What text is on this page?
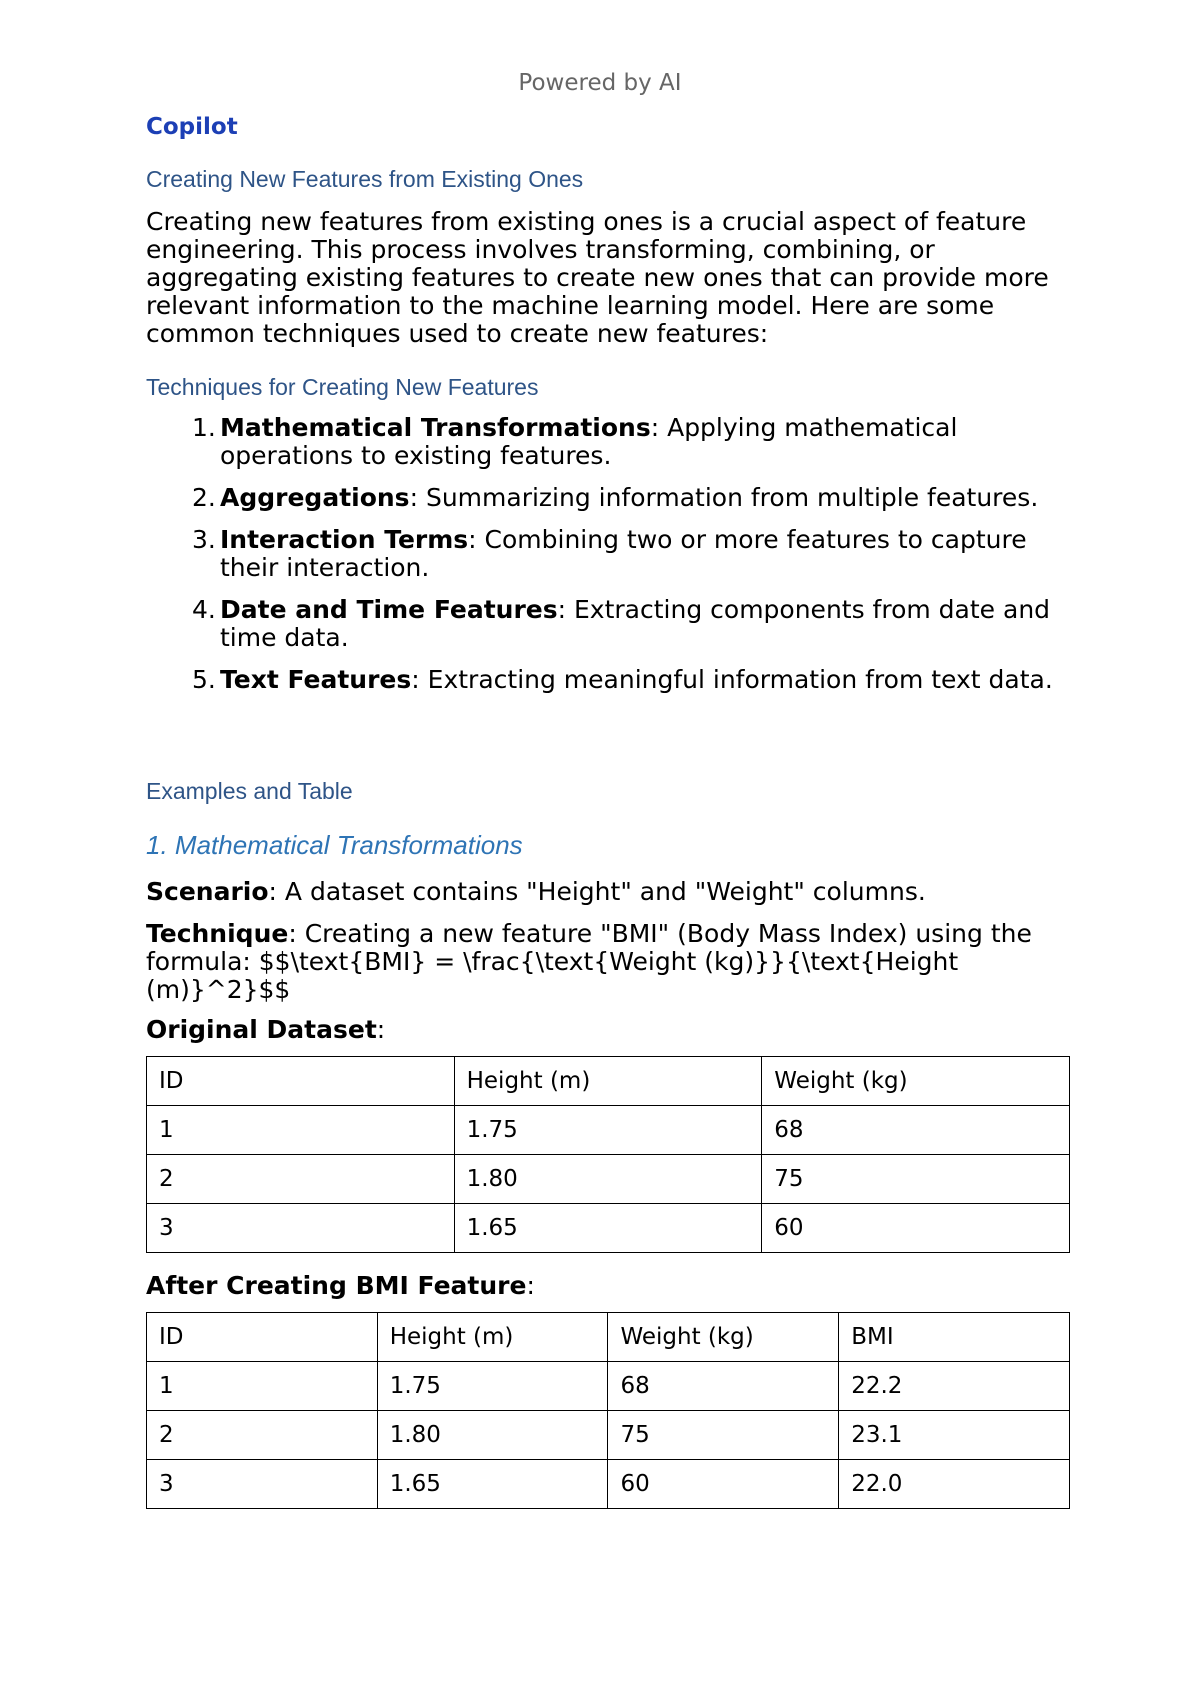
Powered by AI
Copilot
Creating New Features from Existing Ones
Creating new features from existing ones is a crucial aspect of feature engineering. This process involves transforming, combining, or aggregating existing features to create new ones that can provide more relevant information to the machine learning model. Here are some common techniques used to create new features:
Techniques for Creating New Features
1. Mathematical Transformations: Applying mathematical operations to existing features.
2. Aggregations: Summarizing information from multiple features.
3. Interaction Terms: Combining two or more features to capture their interaction.
4. Date and Time Features: Extracting components from date and time data.
5. Text Features: Extracting meaningful information from text data.
Examples and Table
1. Mathematical Transformations
Scenario: A dataset contains "Height" and "Weight" columns.
Technique: Creating a new feature "BMI" (Body Mass Index) using the formula: $$\text{BMI} = \frac{\text{Weight (kg)}}{\text{Height (m)}^2}$$
Original Dataset:
ID	Height (m)	Weight (kg)
1	1.75	68
2	1.80	75
3	1.65	60
After Creating BMI Feature:
ID	Height (m)	Weight (kg)	BMI
1	1.75	68	22.2
2	1.80	75	23.1
3	1.65	60	22.0
